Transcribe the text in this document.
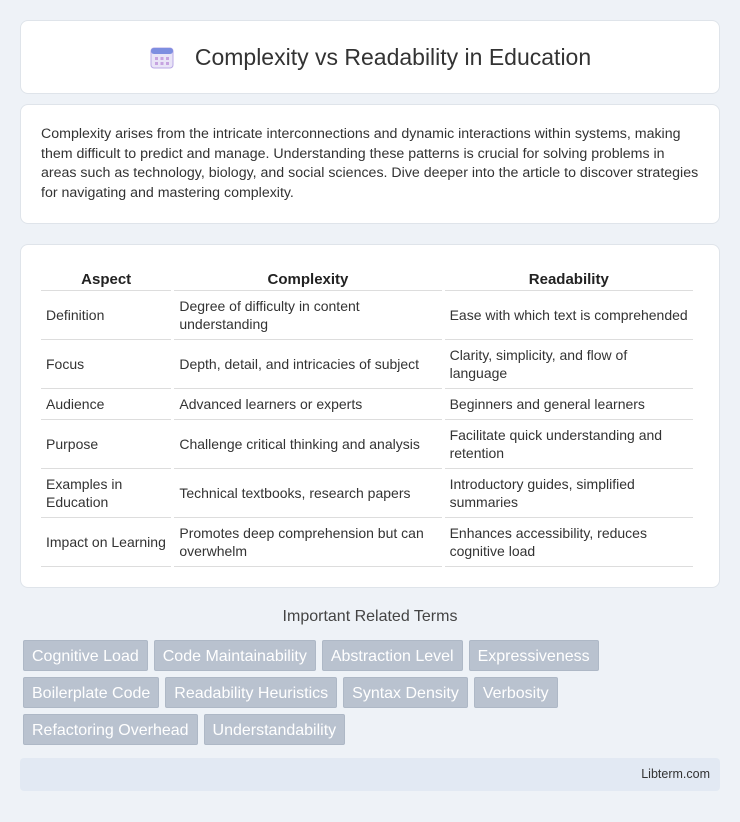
Complexity vs Readability in Education

Complexity arises from the intricate interconnections and dynamic interactions within systems, making them difficult to predict and manage. Understanding these patterns is crucial for solving problems in areas such as technology, biology, and social sciences. Dive deeper into the article to discover strategies for navigating and mastering complexity.

Aspect	Complexity	Readability
Definition	Degree of difficulty in content understanding	Ease with which text is comprehended
Focus	Depth, detail, and intricacies of subject	Clarity, simplicity, and flow of language
Audience	Advanced learners or experts	Beginners and general learners
Purpose	Challenge critical thinking and analysis	Facilitate quick understanding and retention
Examples in Education	Technical textbooks, research papers	Introductory guides, simplified summaries
Impact on Learning	Promotes deep comprehension but can overwhelm	Enhances accessibility, reduces cognitive load
Important Related Terms
Cognitive Load	Code Maintainability	Abstraction Level	Expressiveness
Boilerplate Code	Readability Heuristics	Syntax Density	Verbosity
Refactoring Overhead	Understandability
Libterm.com
